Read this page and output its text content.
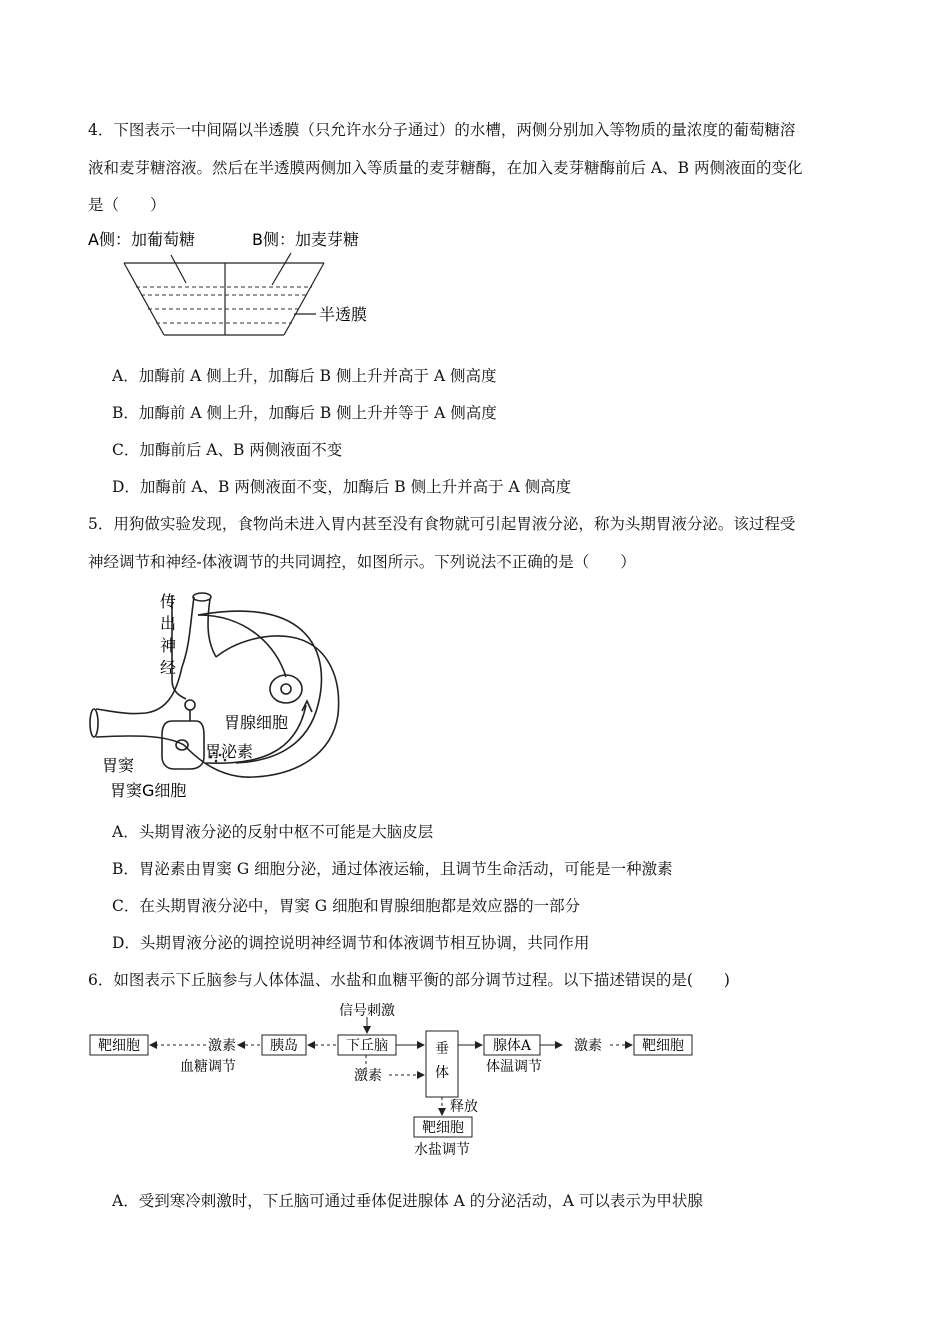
4．下图表示一中间隔以半透膜（只允许水分子通过）的水槽，两侧分别加入等物质的量浓度的葡萄糖溶
液和麦芽糖溶液。然后在半透膜两侧加入等质量的麦芽糖酶，在加入麦芽糖酶前后 A、B 两侧液面的变化
是（　　）
A侧：加葡萄糖	B侧：加麦芽糖
半透膜
A．加酶前 A 侧上升，加酶后 B 侧上升并高于 A 侧高度
B．加酶前 A 侧上升，加酶后 B 侧上升并等于 A 侧高度
C．加酶前后 A、B 两侧液面不变
D．加酶前 A、B 两侧液面不变，加酶后 B 侧上升并高于 A 侧高度
5．用狗做实验发现，食物尚未进入胃内甚至没有食物就可引起胃液分泌，称为头期胃液分泌。该过程受
神经调节和神经-体液调节的共同调控，如图所示。下列说法不正确的是（　　）
传
出
神
经
胃腺细胞
胃泌素
胃窦
胃窦G细胞
A．头期胃液分泌的反射中枢不可能是大脑皮层
B．胃泌素由胃窦 G 细胞分泌，通过体液运输，且调节生命活动，可能是一种激素
C．在头期胃液分泌中，胃窦 G 细胞和胃腺细胞都是效应器的一部分
D．头期胃液分泌的调控说明神经调节和体液调节相互协调，共同作用
6．如图表示下丘脑参与人体体温、水盐和血糖平衡的部分调节过程。以下描述错误的是(　　)
靶细胞	激素 胰岛	下丘脑
信号刺激
垂
体
腺体A	激素	靶细胞
激素
释放
靶细胞
血糖调节	体温调节
水盐调节
A．受到寒冷刺激时，下丘脑可通过垂体促进腺体 A 的分泌活动，A 可以表示为甲状腺
